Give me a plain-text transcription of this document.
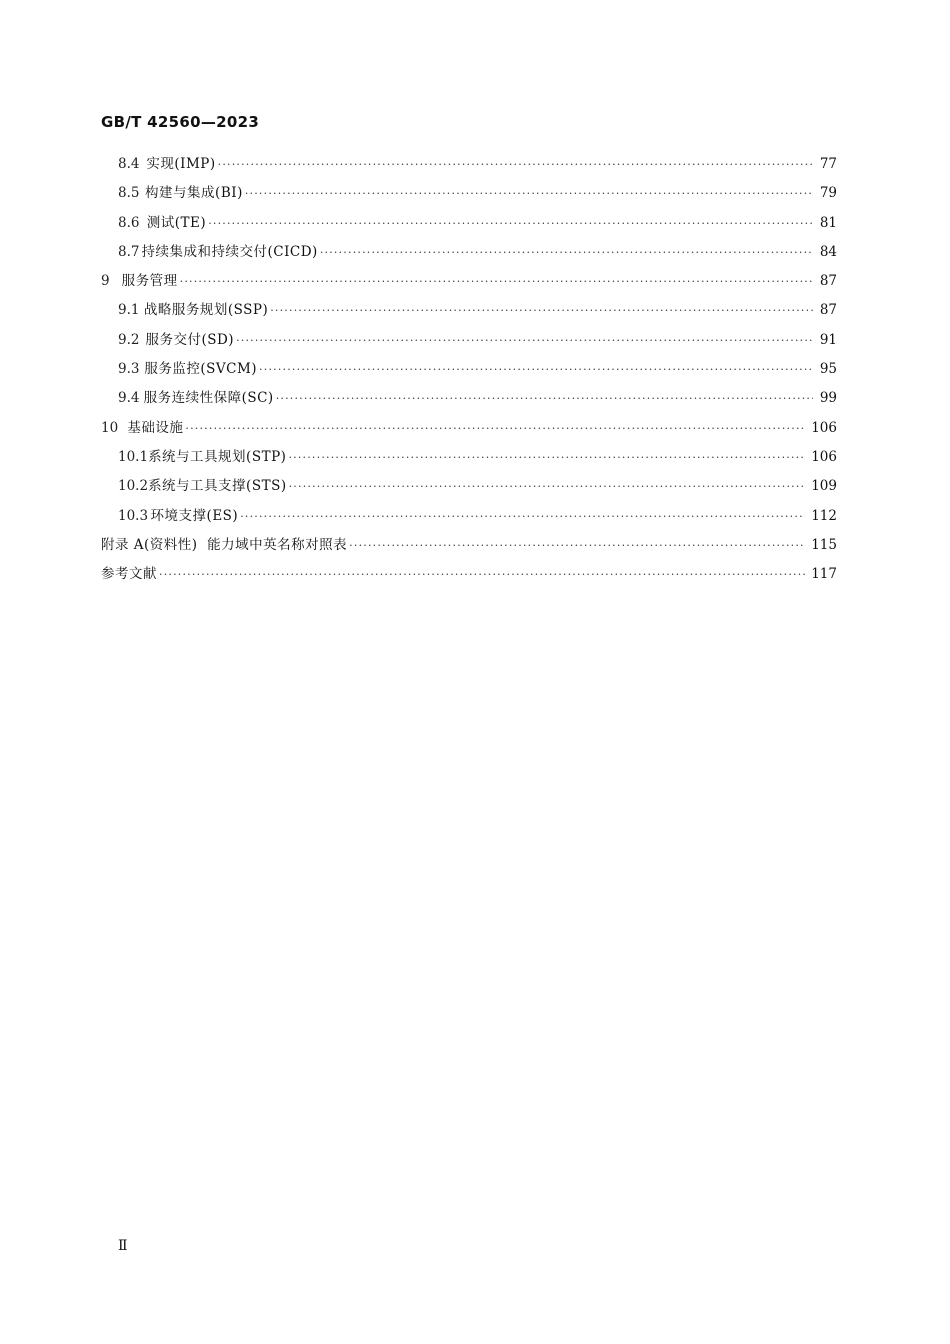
GB/T 42560—2023
8.4 实现(IMP) ·····	77
8.5 构建与集成(BI) ·····	79
8.6 测试(TE) ·····	81
8.7 持续集成和持续交付(CICD) ·····	84
9 服务管理 ·····	87
9.1 战略服务规划(SSP) ·····	87
9.2 服务交付(SD) ·····	91
9.3 服务监控(SVCM) ·····	95
9.4 服务连续性保障(SC) ·····	99
10 基础设施 ·····	106
10.1 系统与工具规划(STP) ·····	106
10.2 系统与工具支撑(STS) ·····	109
10.3 环境支撑(ES) ·····	112
附录 A(资料性)  能力域中英名称对照表 ·····	115
参考文献 ·····	117
Ⅱ
